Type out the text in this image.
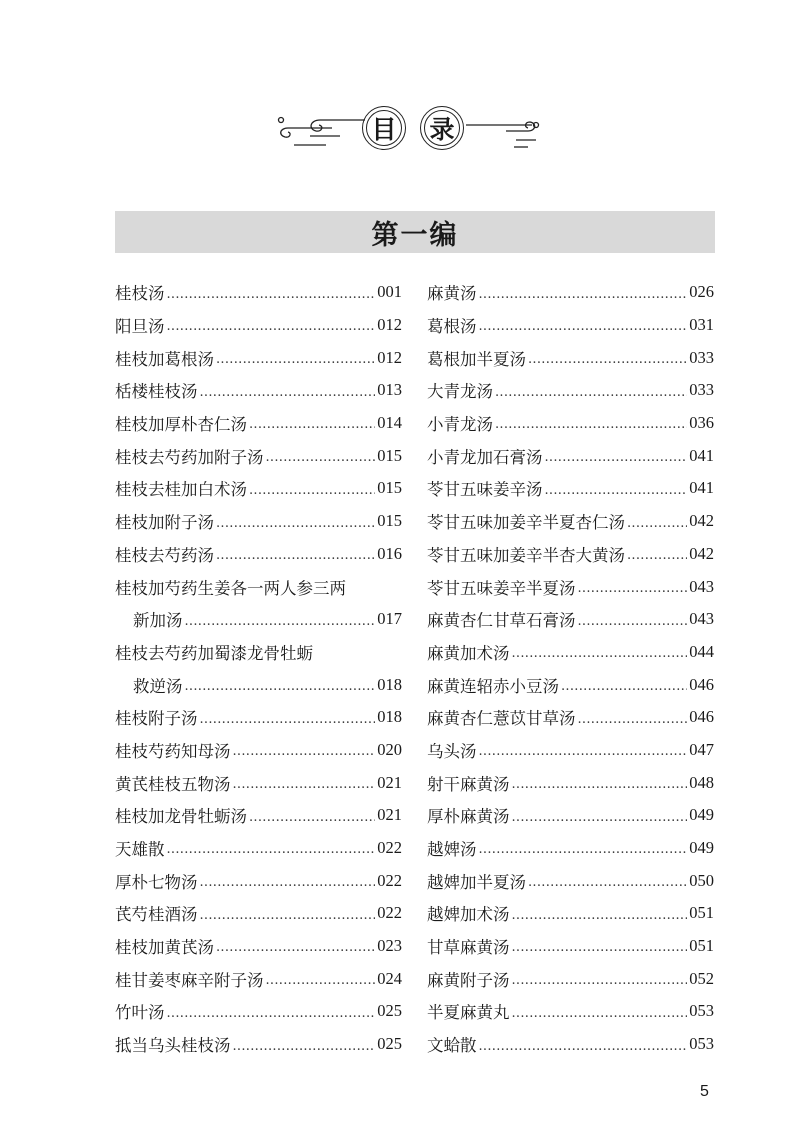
目	录
第一编
桂枝汤 .....	001
阳旦汤 .....	012
桂枝加葛根汤 .....	012
栝楼桂枝汤 .....	013
桂枝加厚朴杏仁汤 .....	014
桂枝去芍药加附子汤 .....	015
桂枝去桂加白术汤 .....	015
桂枝加附子汤 .....	015
桂枝去芍药汤 .....	016
桂枝加芍药生姜各一两人参三两
新加汤 .....	017
桂枝去芍药加蜀漆龙骨牡蛎
救逆汤 .....	018
桂枝附子汤 .....	018
桂枝芍药知母汤 .....	020
黄芪桂枝五物汤 .....	021
桂枝加龙骨牡蛎汤 .....	021
天雄散 .....	022
厚朴七物汤 .....	022
芪芍桂酒汤 .....	022
桂枝加黄芪汤 .....	023
桂甘姜枣麻辛附子汤 .....	024
竹叶汤 .....	025
抵当乌头桂枝汤 .....	025
麻黄汤 .....	026
葛根汤 .....	031
葛根加半夏汤 .....	033
大青龙汤 .....	033
小青龙汤 .....	036
小青龙加石膏汤 .....	041
苓甘五味姜辛汤 .....	041
苓甘五味加姜辛半夏杏仁汤 .....	042
苓甘五味加姜辛半杏大黄汤 .....	042
苓甘五味姜辛半夏汤 .....	043
麻黄杏仁甘草石膏汤 .....	043
麻黄加术汤 .....	044
麻黄连轺赤小豆汤 .....	046
麻黄杏仁薏苡甘草汤 .....	046
乌头汤 .....	047
射干麻黄汤 .....	048
厚朴麻黄汤 .....	049
越婢汤 .....	049
越婢加半夏汤 .....	050
越婢加术汤 .....	051
甘草麻黄汤 .....	051
麻黄附子汤 .....	052
半夏麻黄丸 .....	053
文蛤散 .....	053
5
